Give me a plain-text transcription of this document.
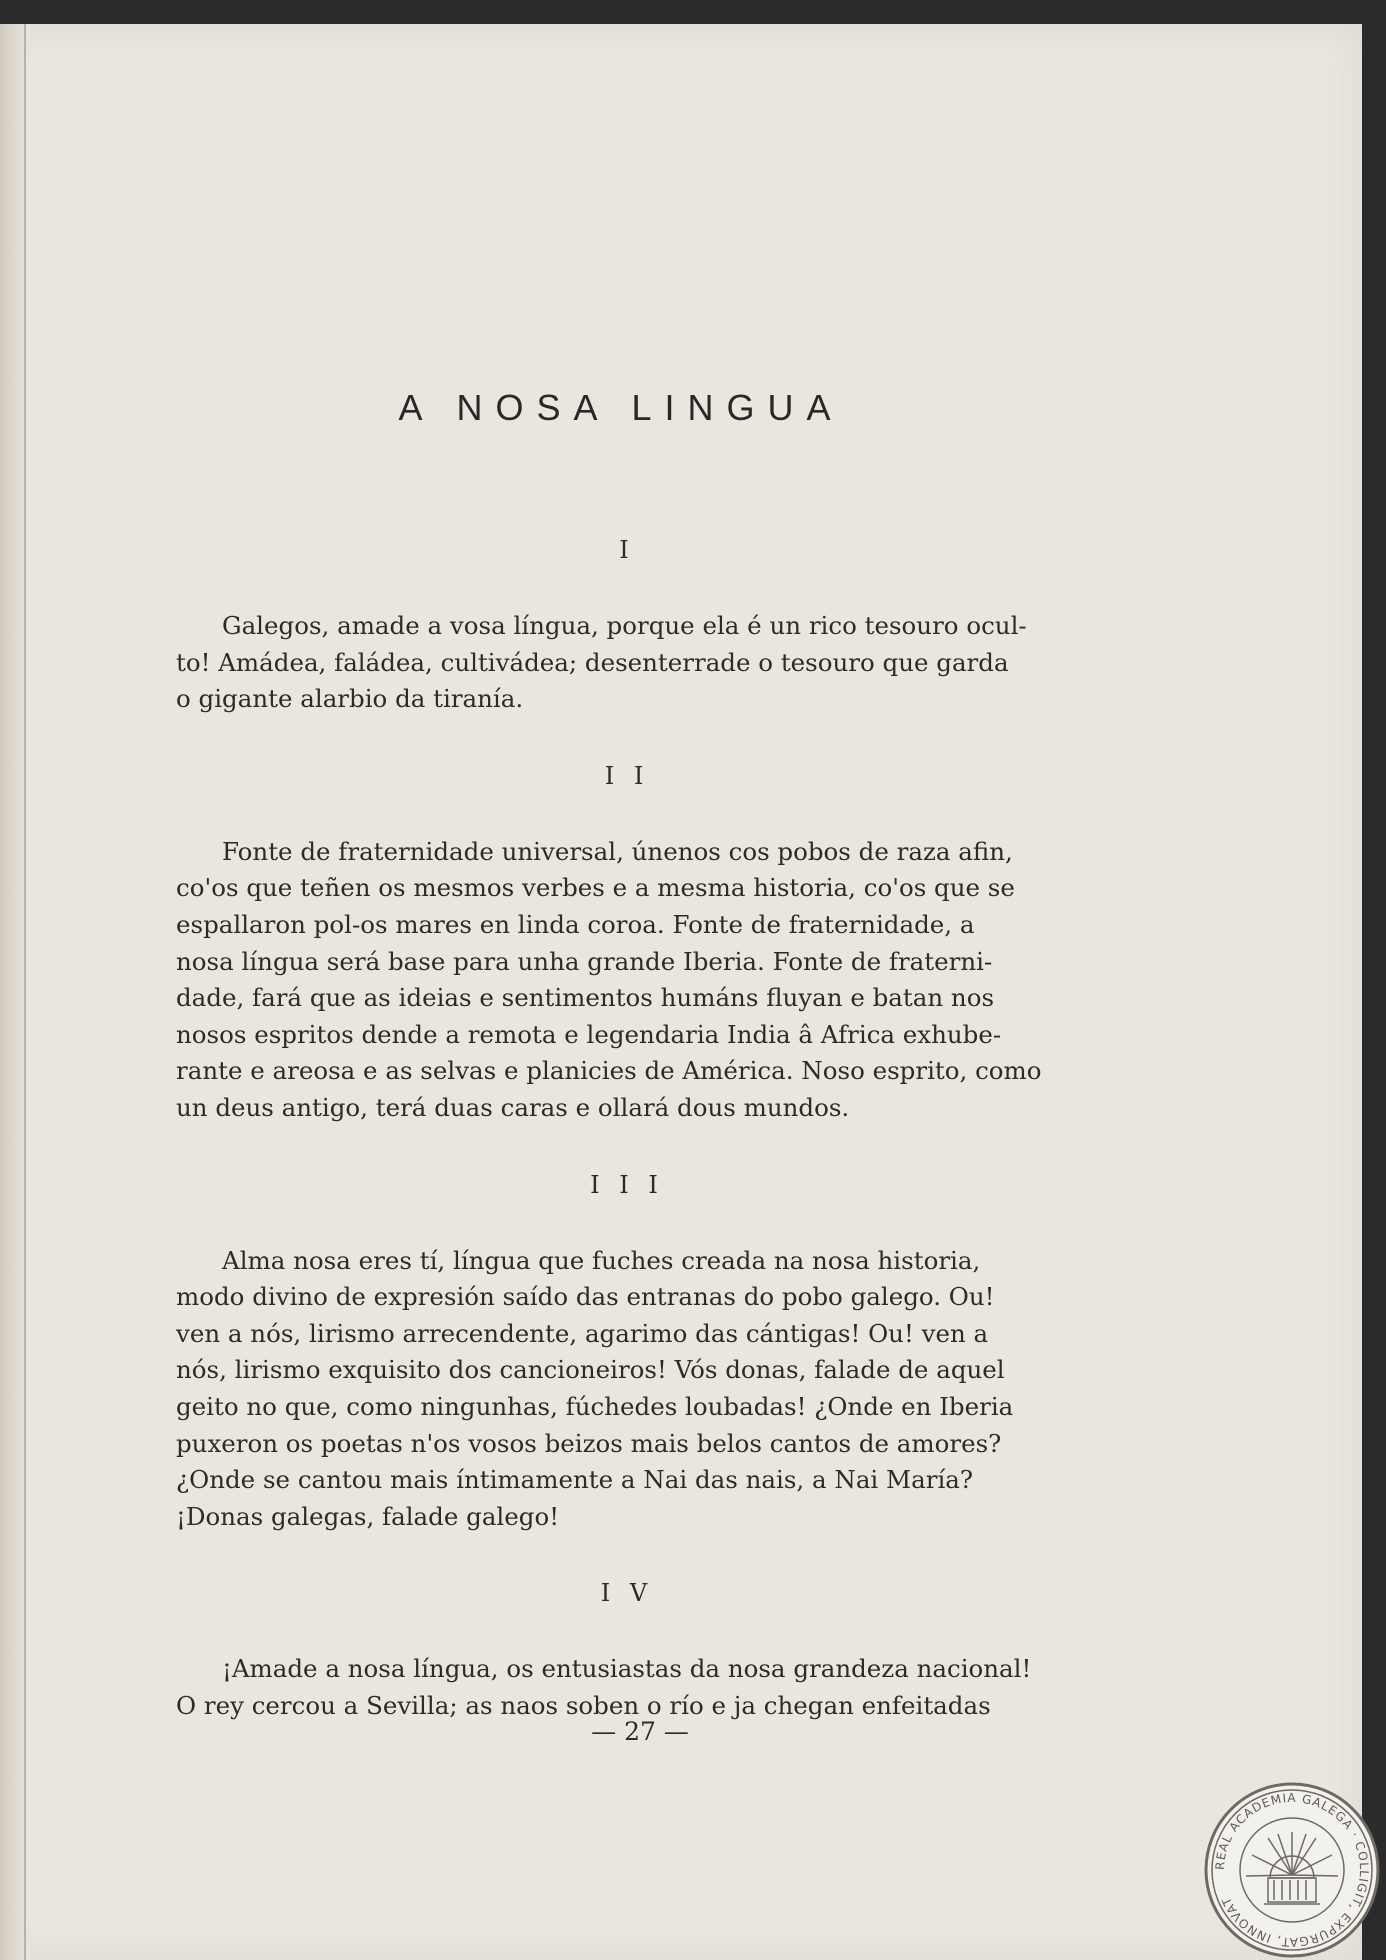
A NOSA LINGUA
I

Galegos, amade a vosa língua, porque ela é un rico tesouro ocul-
to! Amádea, faládea, cultivádea; desenterrade o tesouro que garda
o gigante alarbio da tiranía.

I I

Fonte de fraternidade universal, únenos cos pobos de raza afin,
co'os que teñen os mesmos verbes e a mesma historia, co'os que se
espallaron pol-os mares en linda coroa. Fonte de fraternidade, a
nosa língua será base para unha grande Iberia. Fonte de fraterni-
dade, fará que as ideias e sentimentos humáns fluyan e batan nos
nosos espritos dende a remota e legendaria India â Africa exhube-
rante e areosa e as selvas e planicies de América. Noso esprito, como
un deus antigo, terá duas caras e ollará dous mundos.

I I I

Alma nosa eres tí, língua que fuches creada na nosa historia,
modo divino de expresión saído das entranas do pobo galego. Ou!
ven a nós, lirismo arrecendente, agarimo das cántigas! Ou! ven a
nós, lirismo exquisito dos cancioneiros! Vós donas, falade de aquel
geito no que, como ningunhas, fúchedes loubadas! ¿Onde en Iberia
puxeron os poetas n'os vosos beizos mais belos cantos de amores?
¿Onde se cantou mais íntimamente a Nai das nais, a Nai María?
¡Donas galegas, falade galego!

I V

¡Amade a nosa língua, os entusiastas da nosa grandeza nacional!
O rey cercou a Sevilla; as naos soben o río e ja chegan enfeitadas

— 27 —
REAL ACADEMIA GALEGA · COLLIGIT, EXPURGAT, INNOVAT
